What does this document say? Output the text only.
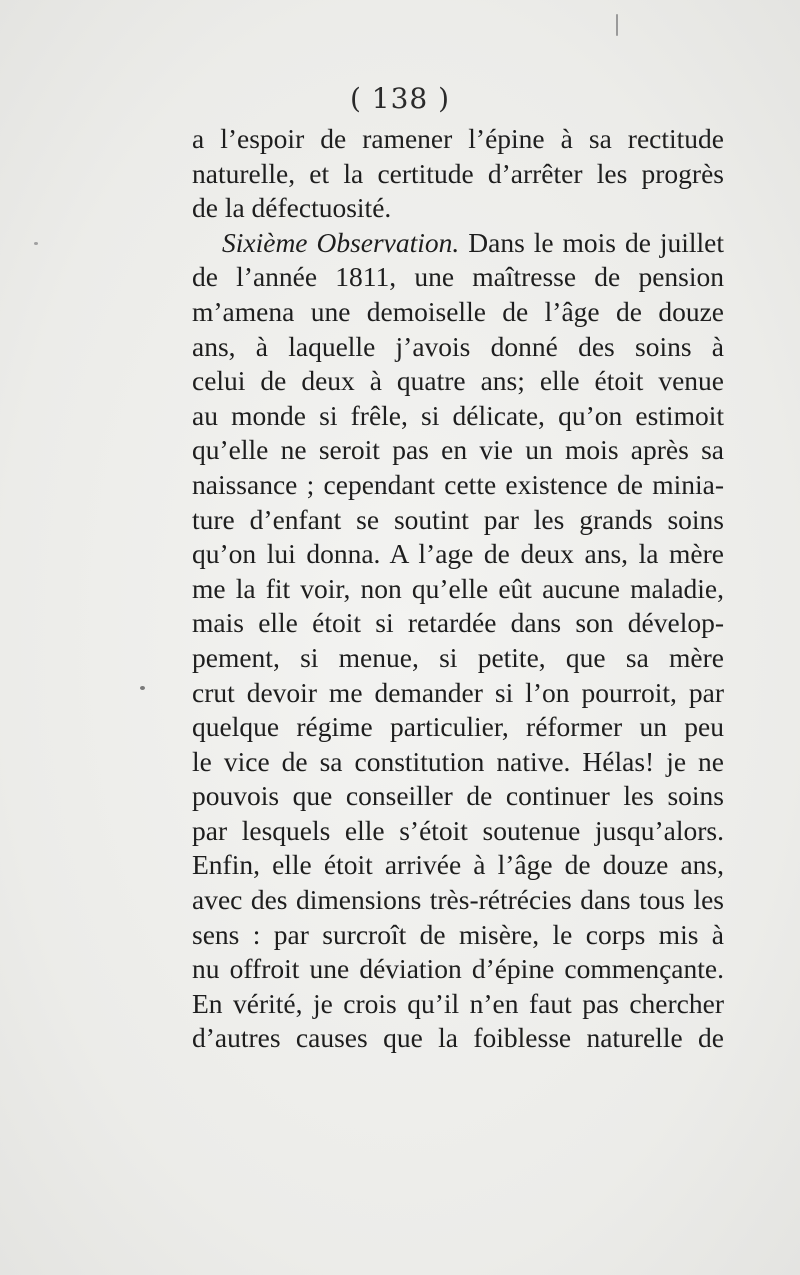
( 138 )
a l’espoir de ramener l’épine à sa rectitude
naturelle, et la certitude d’arrêter les progrès
de la défectuosité.
Sixième Observation. Dans le mois de juillet
de l’année 1811, une maîtresse de pension
m’amena une demoiselle de l’âge de douze
ans, à laquelle j’avois donné des soins à
celui de deux à quatre ans; elle étoit venue
au monde si frêle, si délicate, qu’on estimoit
qu’elle ne seroit pas en vie un mois après sa
naissance ; cependant cette existence de minia-
ture d’enfant se soutint par les grands soins
qu’on lui donna. A l’age de deux ans, la mère
me la fit voir, non qu’elle eût aucune maladie,
mais elle étoit si retardée dans son dévelop-
pement, si menue, si petite, que sa mère
crut devoir me demander si l’on pourroit, par
quelque régime particulier, réformer un peu
le vice de sa constitution native. Hélas! je ne
pouvois que conseiller de continuer les soins
par lesquels elle s’étoit soutenue jusqu’alors.
Enfin, elle étoit arrivée à l’âge de douze ans,
avec des dimensions très-rétrécies dans tous les
sens : par surcroît de misère, le corps mis à
nu offroit une déviation d’épine commençante.
En vérité, je crois qu’il n’en faut pas chercher
d’autres causes que la foiblesse naturelle de
